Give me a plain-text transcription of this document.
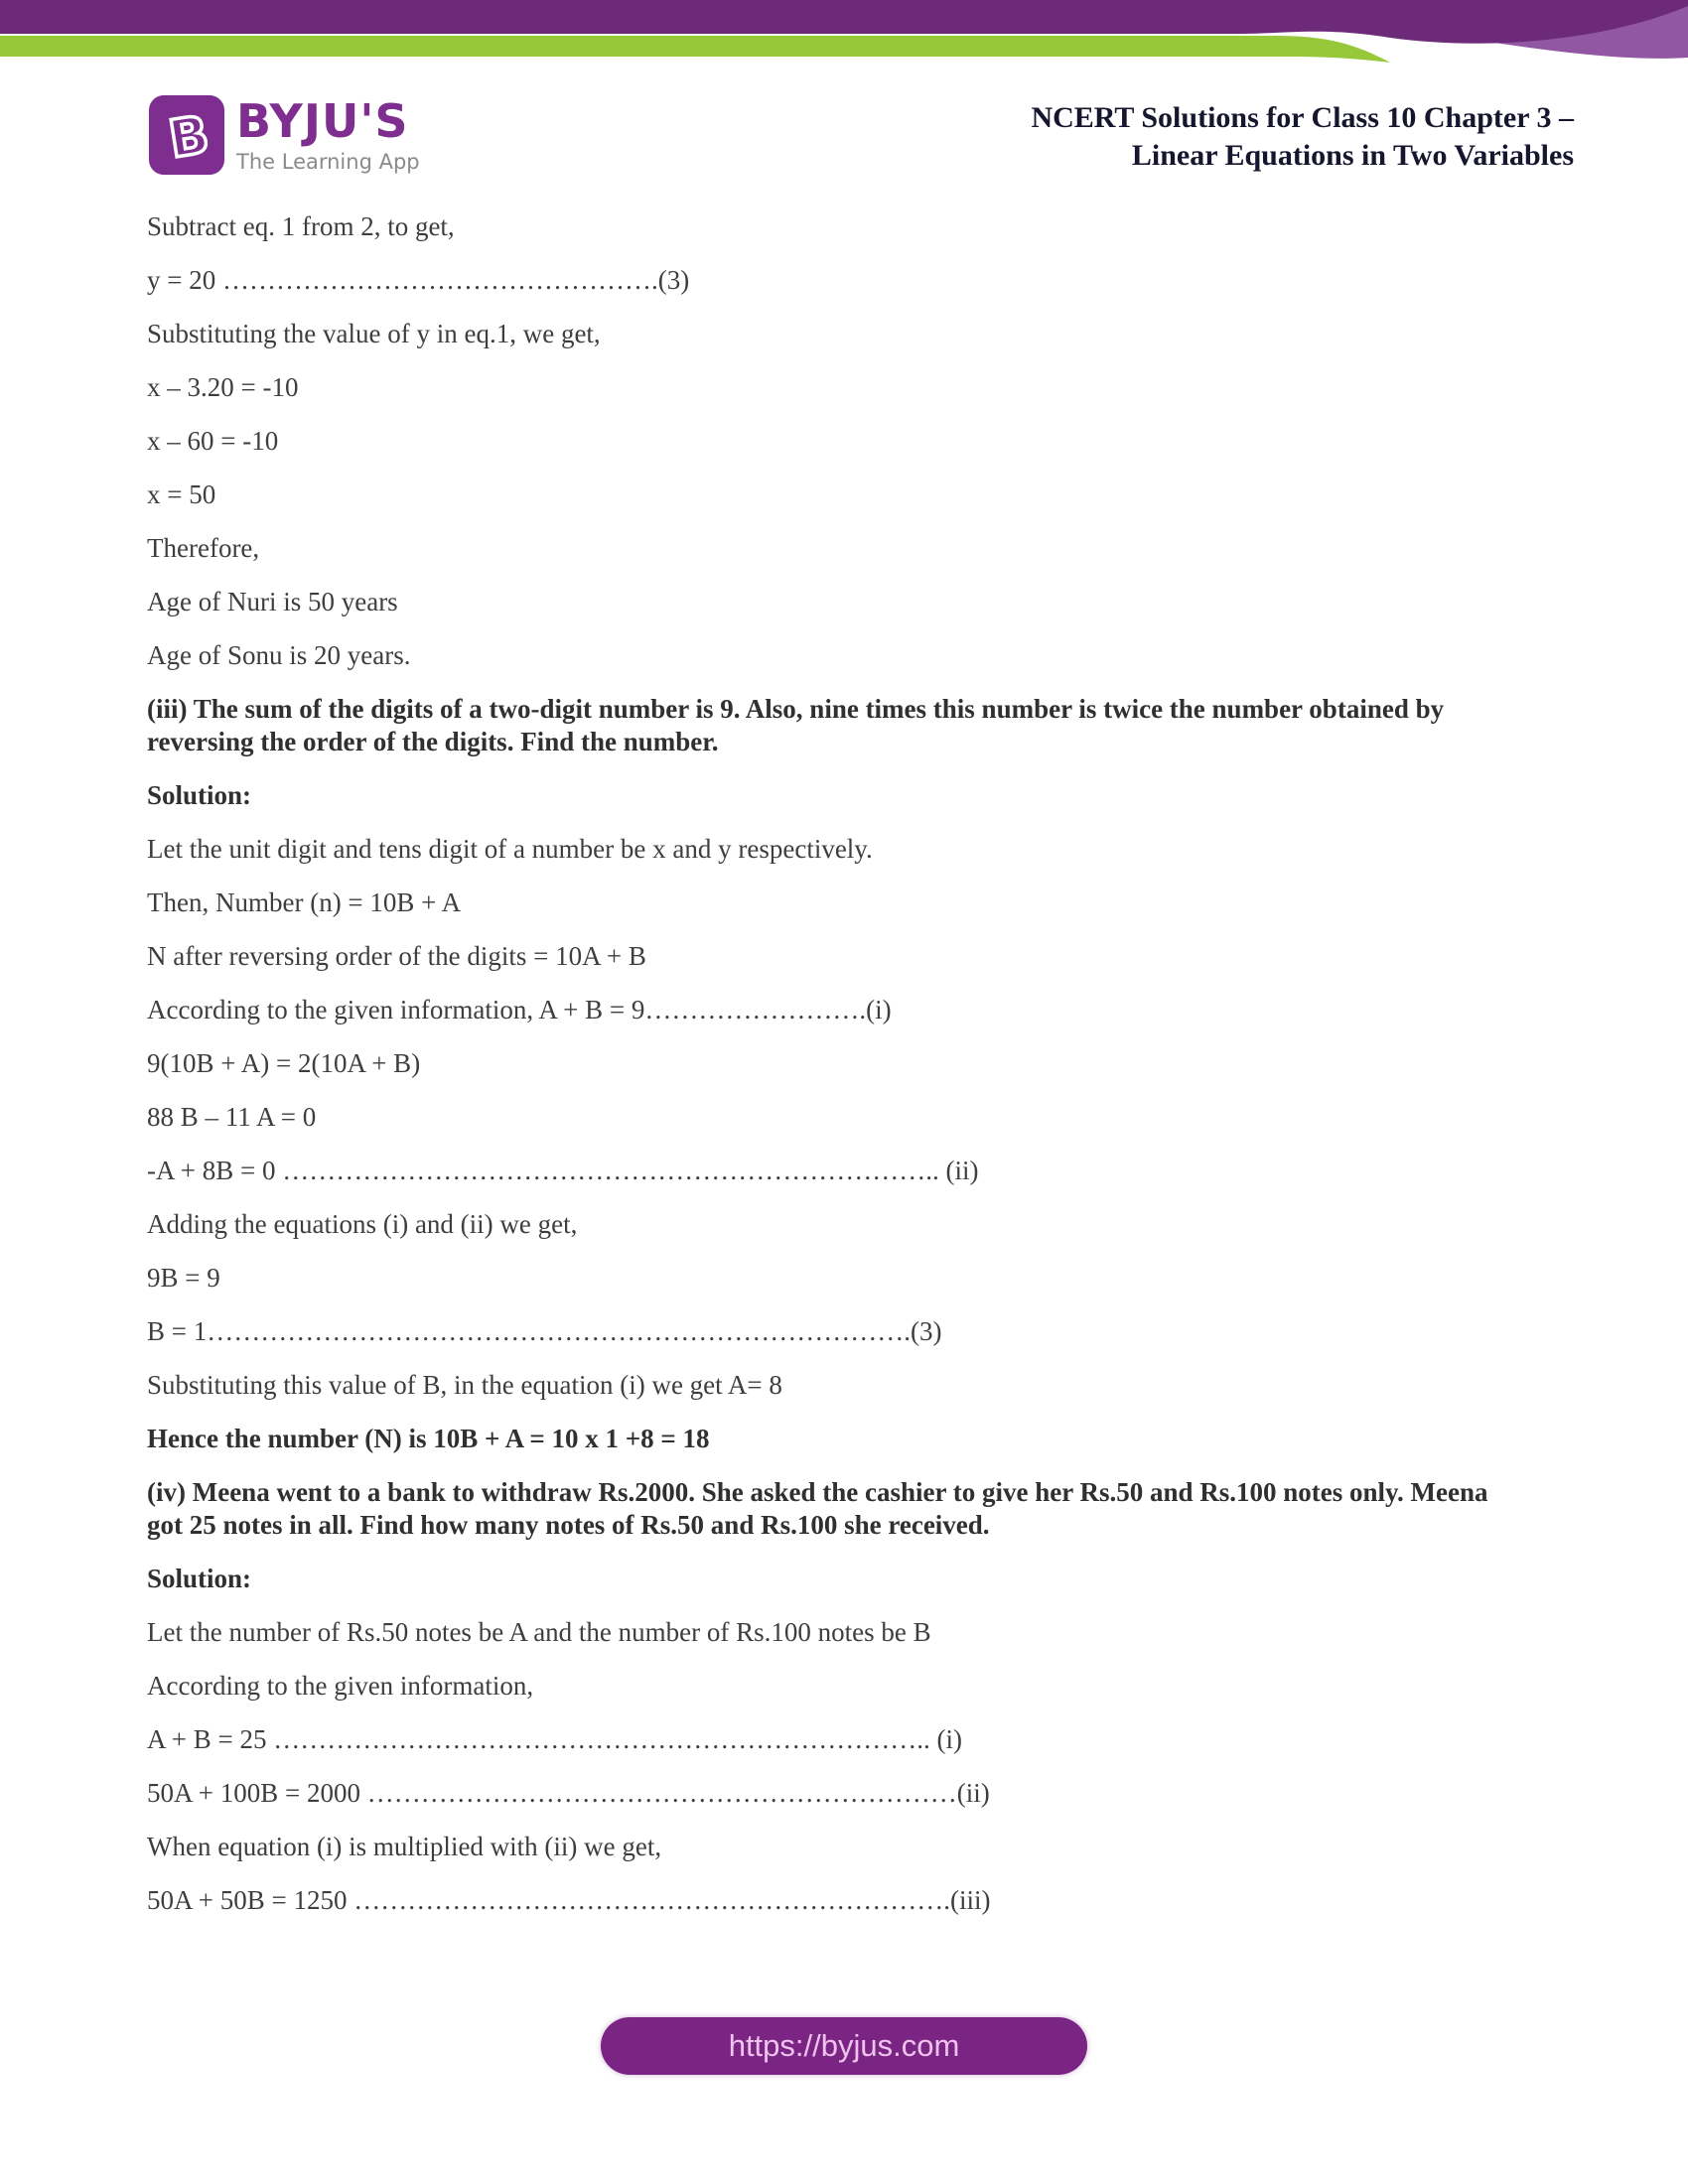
B BYJU'S
The Learning App
NCERT Solutions for Class 10 Chapter 3 –
Linear Equations in Two Variables

Subtract eq. 1 from 2, to get,

y = 20 ………………………………………….(3)

Substituting the value of y in eq.1, we get,

x – 3.20 = -10

x – 60 = -10

x = 50

Therefore,

Age of Nuri is 50 years

Age of Sonu is 20 years.

(iii) The sum of the digits of a two-digit number is 9. Also, nine times this number is twice the number obtained by reversing the order of the digits. Find the number.

Solution:

Let the unit digit and tens digit of a number be x and y respectively.

Then, Number (n) = 10B + A

N after reversing order of the digits = 10A + B

According to the given information, A + B = 9…………………….(i)

9(10B + A) = 2(10A + B)

88 B – 11 A = 0

-A + 8B = 0 ……………………………………………………………….. (ii)

Adding the equations (i) and (ii) we get,

9B = 9

B = 1…………………………………………………………………….(3)

Substituting this value of B, in the equation (i) we get A= 8

Hence the number (N) is 10B + A = 10 x 1 +8 = 18

(iv) Meena went to a bank to withdraw Rs.2000. She asked the cashier to give her Rs.50 and Rs.100 notes only. Meena got 25 notes in all. Find how many notes of Rs.50 and Rs.100 she received.

Solution:

Let the number of Rs.50 notes be A and the number of Rs.100 notes be B

According to the given information,

A + B = 25 ……………………………………………………………….. (i)

50A + 100B = 2000 …………………………………………………………(ii)

When equation (i) is multiplied with (ii) we get,

50A + 50B = 1250 ………………………………………………………….(iii)

https://byjus.com
